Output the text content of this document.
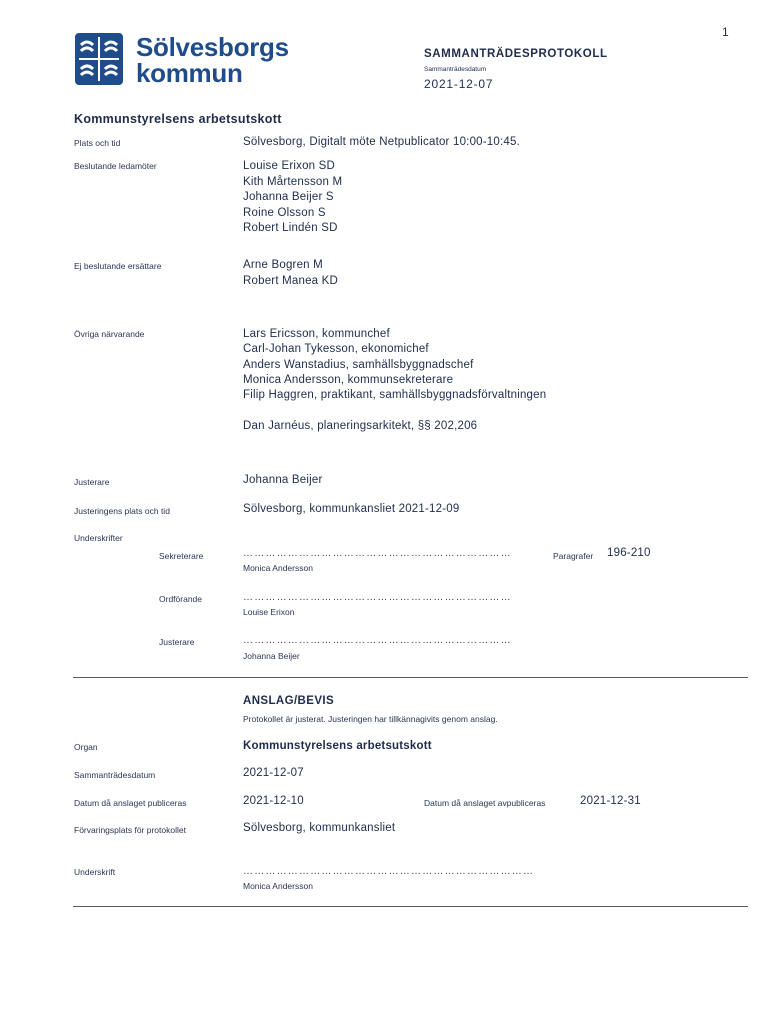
1
Sölvesborgs
kommun
SAMMANTRÄDESPROTOKOLL
Sammanträdesdatum
2021-12-07
Kommunstyrelsens arbetsutskott
Plats och tid	Sölvesborg, Digitalt möte Netpublicator 10:00-10:45.
Beslutande ledamöter	Louise Erixon SD
Kith Mårtensson M
Johanna Beijer S
Roine Olsson S
Robert Lindén SD
Ej beslutande ersättare	Arne Bogren M
Robert Manea KD
Övriga närvarande	Lars Ericsson, kommunchef
Carl-Johan Tykesson, ekonomichef
Anders Wanstadius, samhällsbyggnadschef
Monica Andersson, kommunsekreterare
Filip Haggren, praktikant, samhällsbyggnadsförvaltningen
Dan Jarnéus, planeringsarkitekt, §§ 202,206
Justerare	Johanna Beijer
Justeringens plats och tid	Sölvesborg, kommunkansliet 2021-12-09
Underskrifter
Sekreterare	………………………………………………………………	Paragrafer 196-210
Monica Andersson
Ordförande	………………………………………………………………
Louise Erixon
Justerare	………………………………………………………………
Johanna Beijer
ANSLAG/BEVIS
Protokollet är justerat. Justeringen har tillkännagivits genom anslag.
Organ	Kommunstyrelsens arbetsutskott
Sammanträdesdatum	2021-12-07
Datum då anslaget publiceras	2021-12-10	Datum då anslaget avpubliceras	2021-12-31
Förvaringsplats för protokollet	Sölvesborg, kommunkansliet
Underskrift	……………………………………………………………………
Monica Andersson
